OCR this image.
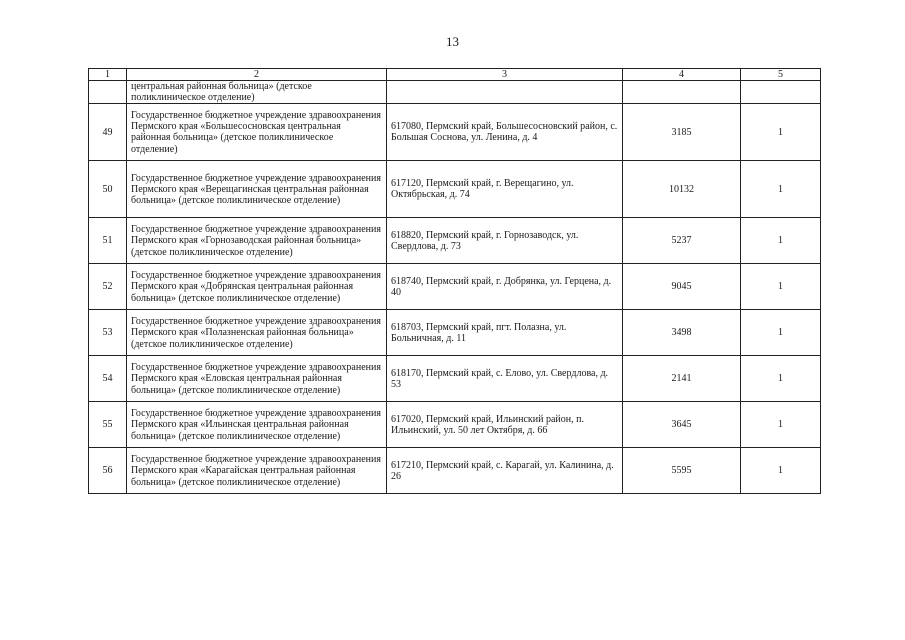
13
1	2	3	4	5
	центральная районная больница» (детское поликлиническое отделение)			
49	Государственное бюджетное учреждение здравоохранения Пермского края «Большесосновская центральная районная больница» (детское поликлиническое отделение)	617080, Пермский край, Большесосновский район, с. Большая Соснова, ул. Ленина, д. 4	3185	1
50	Государственное бюджетное учреждение здравоохранения Пермского края «Верещагинская центральная районная больница» (детское поликлиническое отделение)	617120, Пермский край, г. Верещагино, ул. Октябрьская, д. 74	10132	1
51	Государственное бюджетное учреждение здравоохранения Пермского края «Горнозаводская районная больница» (детское поликлиническое отделение)	618820, Пермский край, г. Горнозаводск, ул. Свердлова, д. 73	5237	1
52	Государственное бюджетное учреждение здравоохранения Пермского края «Добрянская центральная районная больница» (детское поликлиническое отделение)	618740, Пермский край, г. Добрянка, ул. Герцена, д. 40	9045	1
53	Государственное бюджетное учреждение здравоохранения Пермского края «Полазненская районная больница» (детское поликлиническое отделение)	618703, Пермский край, пгт. Полазна, ул. Больничная, д. 11	3498	1
54	Государственное бюджетное учреждение здравоохранения Пермского края «Еловская центральная районная больница» (детское поликлиническое отделение)	618170, Пермский край, с. Елово, ул. Свердлова, д. 53	2141	1
55	Государственное бюджетное учреждение здравоохранения Пермского края «Ильинская центральная районная больница» (детское поликлиническое отделение)	617020, Пермский край, Ильинский район, п. Ильинский, ул. 50 лет Октября, д. 66	3645	1
56	Государственное бюджетное учреждение здравоохранения Пермского края «Карагайская центральная районная больница» (детское поликлиническое отделение)	617210, Пермский край, с. Карагай, ул. Калинина, д. 26	5595	1
